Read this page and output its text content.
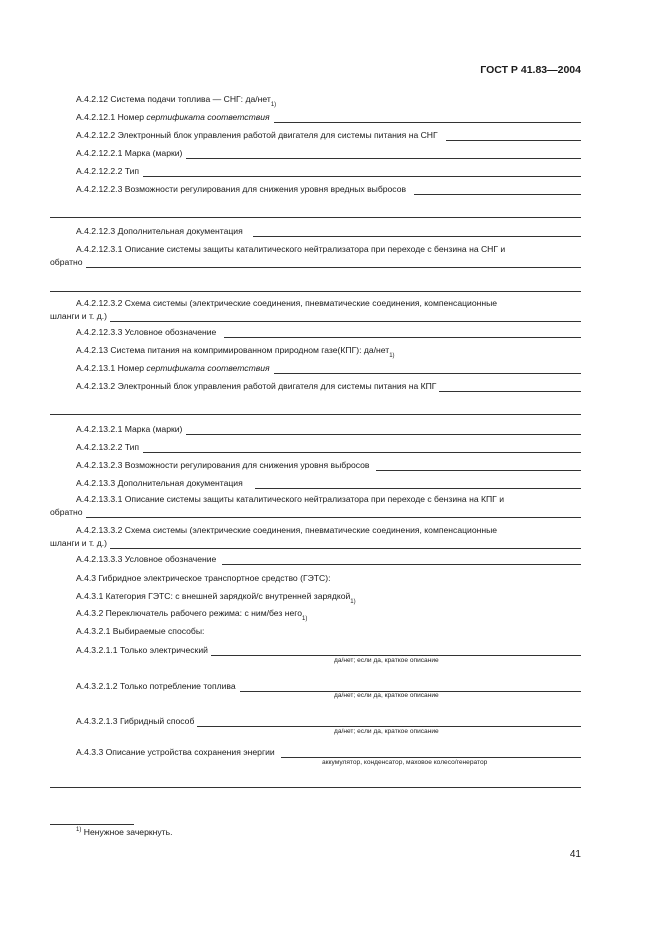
ГОСТ Р 41.83—2004
А.4.2.12 Система подачи топлива — СНГ: да/нет
1)
А.4.2.12.1 Номер
сертификата соответствия
А.4.2.12.2 Электронный блок управления работой двигателя для системы питания на СНГ
А.4.2.12.2.1 Марка (марки)
А.4.2.12.2.2 Тип
А.4.2.12.2.3 Возможности регулирования для снижения уровня вредных выбросов
А.4.2.12.3 Дополнительная документация
А.4.2.12.3.1 Описание системы защиты каталитического нейтрализатора при переходе с бензина на СНГ и
обратно
А.4.2.12.3.2 Схема системы (электрические соединения, пневматические соединения, компенсационные
шланги и т. д.)
А.4.2.12.3.3 Условное обозначение
А.4.2.13 Система питания на компримированном природном газе(КПГ): да/нет
1)
А.4.2.13.1 Номер
сертификата соответствия
А.4.2.13.2 Электронный блок управления работой двигателя для системы питания на КПГ
А.4.2.13.2.1 Марка (марки)
А.4.2.13.2.2 Тип
А.4.2.13.2.3 Возможности регулирования для снижения уровня выбросов
А.4.2.13.3 Дополнительная документация
А.4.2.13.3.1 Описание системы защиты каталитического нейтрализатора при переходе с бензина на КПГ и
обратно
А.4.2.13.3.2 Схема системы (электрические соединения, пневматические соединения, компенсационные
шланги и т. д.)
А.4.2.13.3.3 Условное обозначение
А.4.3 Гибридное электрическое транспортное средство (ГЭТС):
А.4.3.1 Категория ГЭТС: с внешней зарядкой/с внутренней зарядкой
1)
А.4.3.2 Переключатель рабочего режима: с ним/без него
1)
А.4.3.2.1 Выбираемые способы:
А.4.3.2.1.1 Только электрический
да/нет; если да, краткое описание
А.4.3.2.1.2 Только потребление топлива
да/нет; если да, краткое описание
А.4.3.2.1.3 Гибридный способ
да/нет; если да, краткое описание
А.4.3.3 Описание устройства сохранения энергии
аккумулятор, конденсатор, маховое колесо/генератор
$^{1)}$ Ненужное зачеркнуть.
41
